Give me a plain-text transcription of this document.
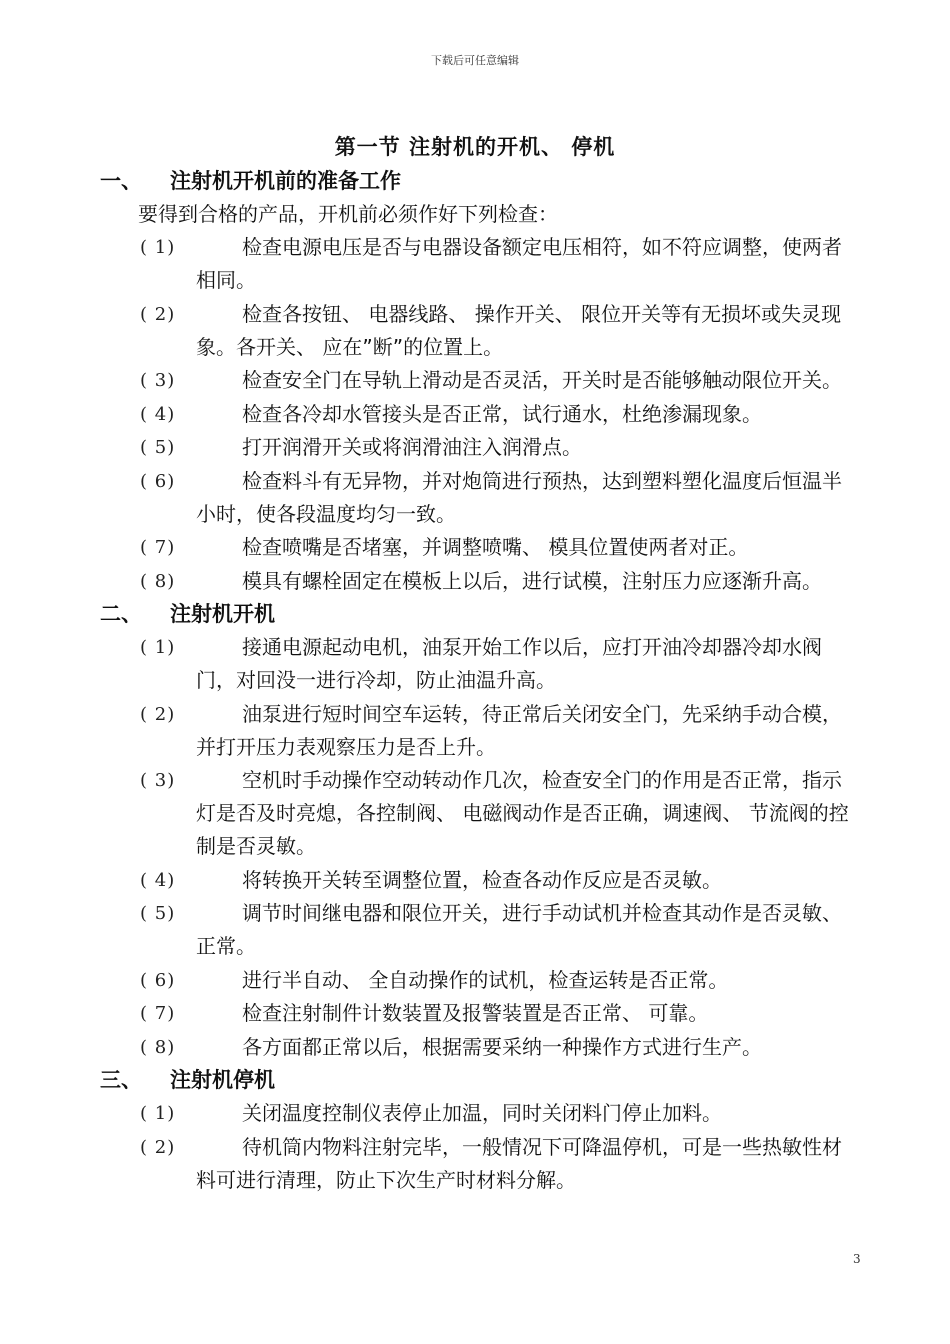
下载后可任意编辑
第一节 注射机的开机、 停机
一、 注射机开机前的准备工作
要得到合格的产品，开机前必须作好下列检查：
( 1)	检查电源电压是否与电器设备额定电压相符，如不符应调整，使两者相同。
( 2)	检查各按钮、 电器线路、 操作开关、 限位开关等有无损坏或失灵现象。各开关、 应在”断”的位置上。
( 3)	检查安全门在导轨上滑动是否灵活，开关时是否能够触动限位开关。
( 4)	检查各冷却水管接头是否正常，试行通水，杜绝渗漏现象。
( 5)	打开润滑开关或将润滑油注入润滑点。
( 6)	检查料斗有无异物，并对炮筒进行预热，达到塑料塑化温度后恒温半小时，使各段温度均匀一致。
( 7)	检查喷嘴是否堵塞，并调整喷嘴、 模具位置使两者对正。
( 8)	模具有螺栓固定在模板上以后，进行试模，注射压力应逐渐升高。
二、 注射机开机
( 1)	接通电源起动电机，油泵开始工作以后，应打开油冷却器冷却水阀门，对回没一进行冷却，防止油温升高。
( 2)	油泵进行短时间空车运转，待正常后关闭安全门，先采纳手动合模，并打开压力表观察压力是否上升。
( 3)	空机时手动操作空动转动作几次，检查安全门的作用是否正常，指示灯是否及时亮熄，各控制阀、 电磁阀动作是否正确，调速阀、 节流阀的控制是否灵敏。
( 4)	将转换开关转至调整位置，检查各动作反应是否灵敏。
( 5)	调节时间继电器和限位开关，进行手动试机并检查其动作是否灵敏、 正常。
( 6)	进行半自动、 全自动操作的试机，检查运转是否正常。
( 7)	检查注射制件计数装置及报警装置是否正常、 可靠。
( 8)	各方面都正常以后，根据需要采纳一种操作方式进行生产。
三、 注射机停机
( 1)	关闭温度控制仪表停止加温，同时关闭料门停止加料。
( 2)	待机筒内物料注射完毕，一般情况下可降温停机，可是一些热敏性材料可进行清理，防止下次生产时材料分解。
3
